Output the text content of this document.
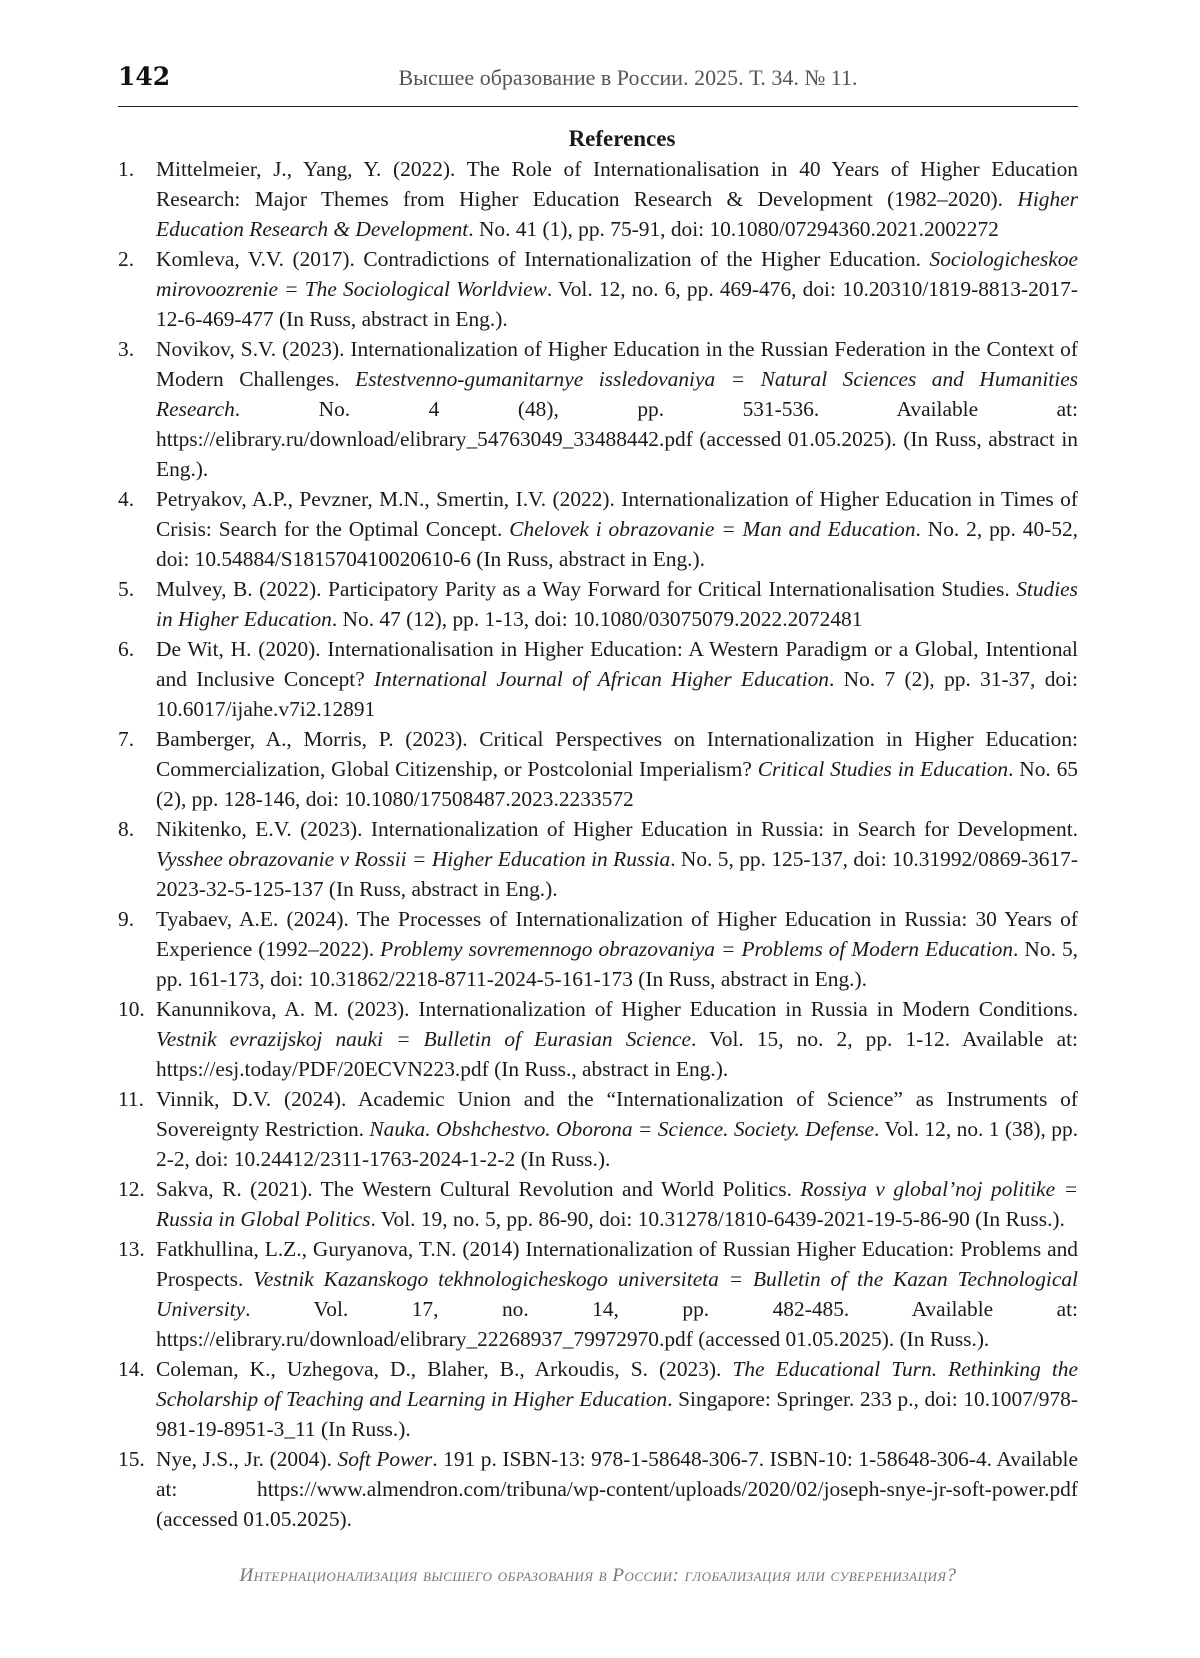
142	Высшее образование в России. 2025. Т. 34. № 11.
References
1.	Mittelmeier, J., Yang, Y. (2022). The Role of Internationalisation in 40 Years of Higher Education Research: Major Themes from Higher Education Research & Development (1982–2020). Higher Education Research & Development. No. 41 (1), pp. 75-91, doi: 10.1080/07294360.2021.2002272
2.	Komleva, V.V. (2017). Contradictions of Internationalization of the Higher Education. Sociologicheskoe mirovoozrenie = The Sociological Worldview. Vol. 12, no. 6, pp. 469-476, doi: 10.20310/1819-8813-2017-12-6-469-477 (In Russ, abstract in Eng.).
3.	Novikov, S.V. (2023). Internationalization of Higher Education in the Russian Federation in the Context of Modern Challenges. Estestvenno-gumanitarnye issledovaniya = Natural Sciences and Humanities Research. No. 4 (48), pp. 531-536. Available at: https://elibrary.ru/download/elibrary_54763049_33488442.pdf (accessed 01.05.2025). (In Russ, abstract in Eng.).
4.	Petryakov, A.P., Pevzner, M.N., Smertin, I.V. (2022). Internationalization of Higher Education in Times of Crisis: Search for the Optimal Concept. Chelovek i obrazovanie = Man and Education. No. 2, pp. 40-52, doi: 10.54884/S181570410020610-6 (In Russ, abstract in Eng.).
5.	Mulvey, B. (2022). Participatory Parity as a Way Forward for Critical Internationalisation Studies. Studies in Higher Education. No. 47 (12), pp. 1-13, doi: 10.1080/03075079.2022.2072481
6.	De Wit, H. (2020). Internationalisation in Higher Education: A Western Paradigm or a Global, Intentional and Inclusive Concept? International Journal of African Higher Education. No. 7 (2), pp. 31-37, doi: 10.6017/ijahe.v7i2.12891
7.	Bamberger, A., Morris, P. (2023). Critical Perspectives on Internationalization in Higher Education: Commercialization, Global Citizenship, or Postcolonial Imperialism? Critical Studies in Education. No. 65 (2), pp. 128-146, doi: 10.1080/17508487.2023.2233572
8.	Nikitenko, E.V. (2023). Internationalization of Higher Education in Russia: in Search for Development. Vysshee obrazovanie v Rossii = Higher Education in Russia. No. 5, pp. 125-137, doi: 10.31992/0869-3617-2023-32-5-125-137 (In Russ, abstract in Eng.).
9.	Tyabaev, A.E. (2024). The Processes of Internationalization of Higher Education in Russia: 30 Years of Experience (1992–2022). Problemy sovremennogo obrazovaniya = Problems of Modern Education. No. 5, pp. 161-173, doi: 10.31862/2218-8711-2024-5-161-173 (In Russ, abstract in Eng.).
10. Kanunnikova, A. M. (2023). Internationalization of Higher Education in Russia in Modern Conditions. Vestnik evrazijskoj nauki = Bulletin of Eurasian Science. Vol. 15, no. 2, pp. 1-12. Available at: https://esj.today/PDF/20ECVN223.pdf (In Russ., abstract in Eng.).
11. Vinnik, D.V. (2024). Academic Union and the “Internationalization of Science” as Instruments of Sovereignty Restriction. Nauka. Obshchestvo. Oborona = Science. Society. Defense. Vol. 12, no. 1 (38), pp. 2-2, doi: 10.24412/2311-1763-2024-1-2-2 (In Russ.).
12. Sakva, R. (2021). The Western Cultural Revolution and World Politics. Rossiya v global’noj politike = Russia in Global Politics. Vol. 19, no. 5, pp. 86-90, doi: 10.31278/1810-6439-2021-19-5-86-90 (In Russ.).
13. Fatkhullina, L.Z., Guryanova, T.N. (2014) Internationalization of Russian Higher Education: Problems and Prospects. Vestnik Kazanskogo tekhnologicheskogo universiteta = Bulletin of the Kazan Technological University. Vol. 17, no. 14, pp. 482-485. Available at: https://elibrary.ru/download/elibrary_22268937_79972970.pdf (accessed 01.05.2025). (In Russ.).
14. Coleman, K., Uzhegova, D., Blaher, B., Arkoudis, S. (2023). The Educational Turn. Rethinking the Scholarship of Teaching and Learning in Higher Education. Singapore: Springer. 233 p., doi: 10.1007/978-981-19-8951-3_11 (In Russ.).
15. Nye, J.S., Jr. (2004). Soft Power. 191 p. ISBN-13: 978-1-58648-306-7. ISBN-10: 1-58648-306-4. Available at: https://www.almendron.com/tribuna/wp-content/uploads/2020/02/joseph-snye-jr-soft-power.pdf (accessed 01.05.2025).
Интернационализация высшего образования в России: глобализация или суверенизация?
